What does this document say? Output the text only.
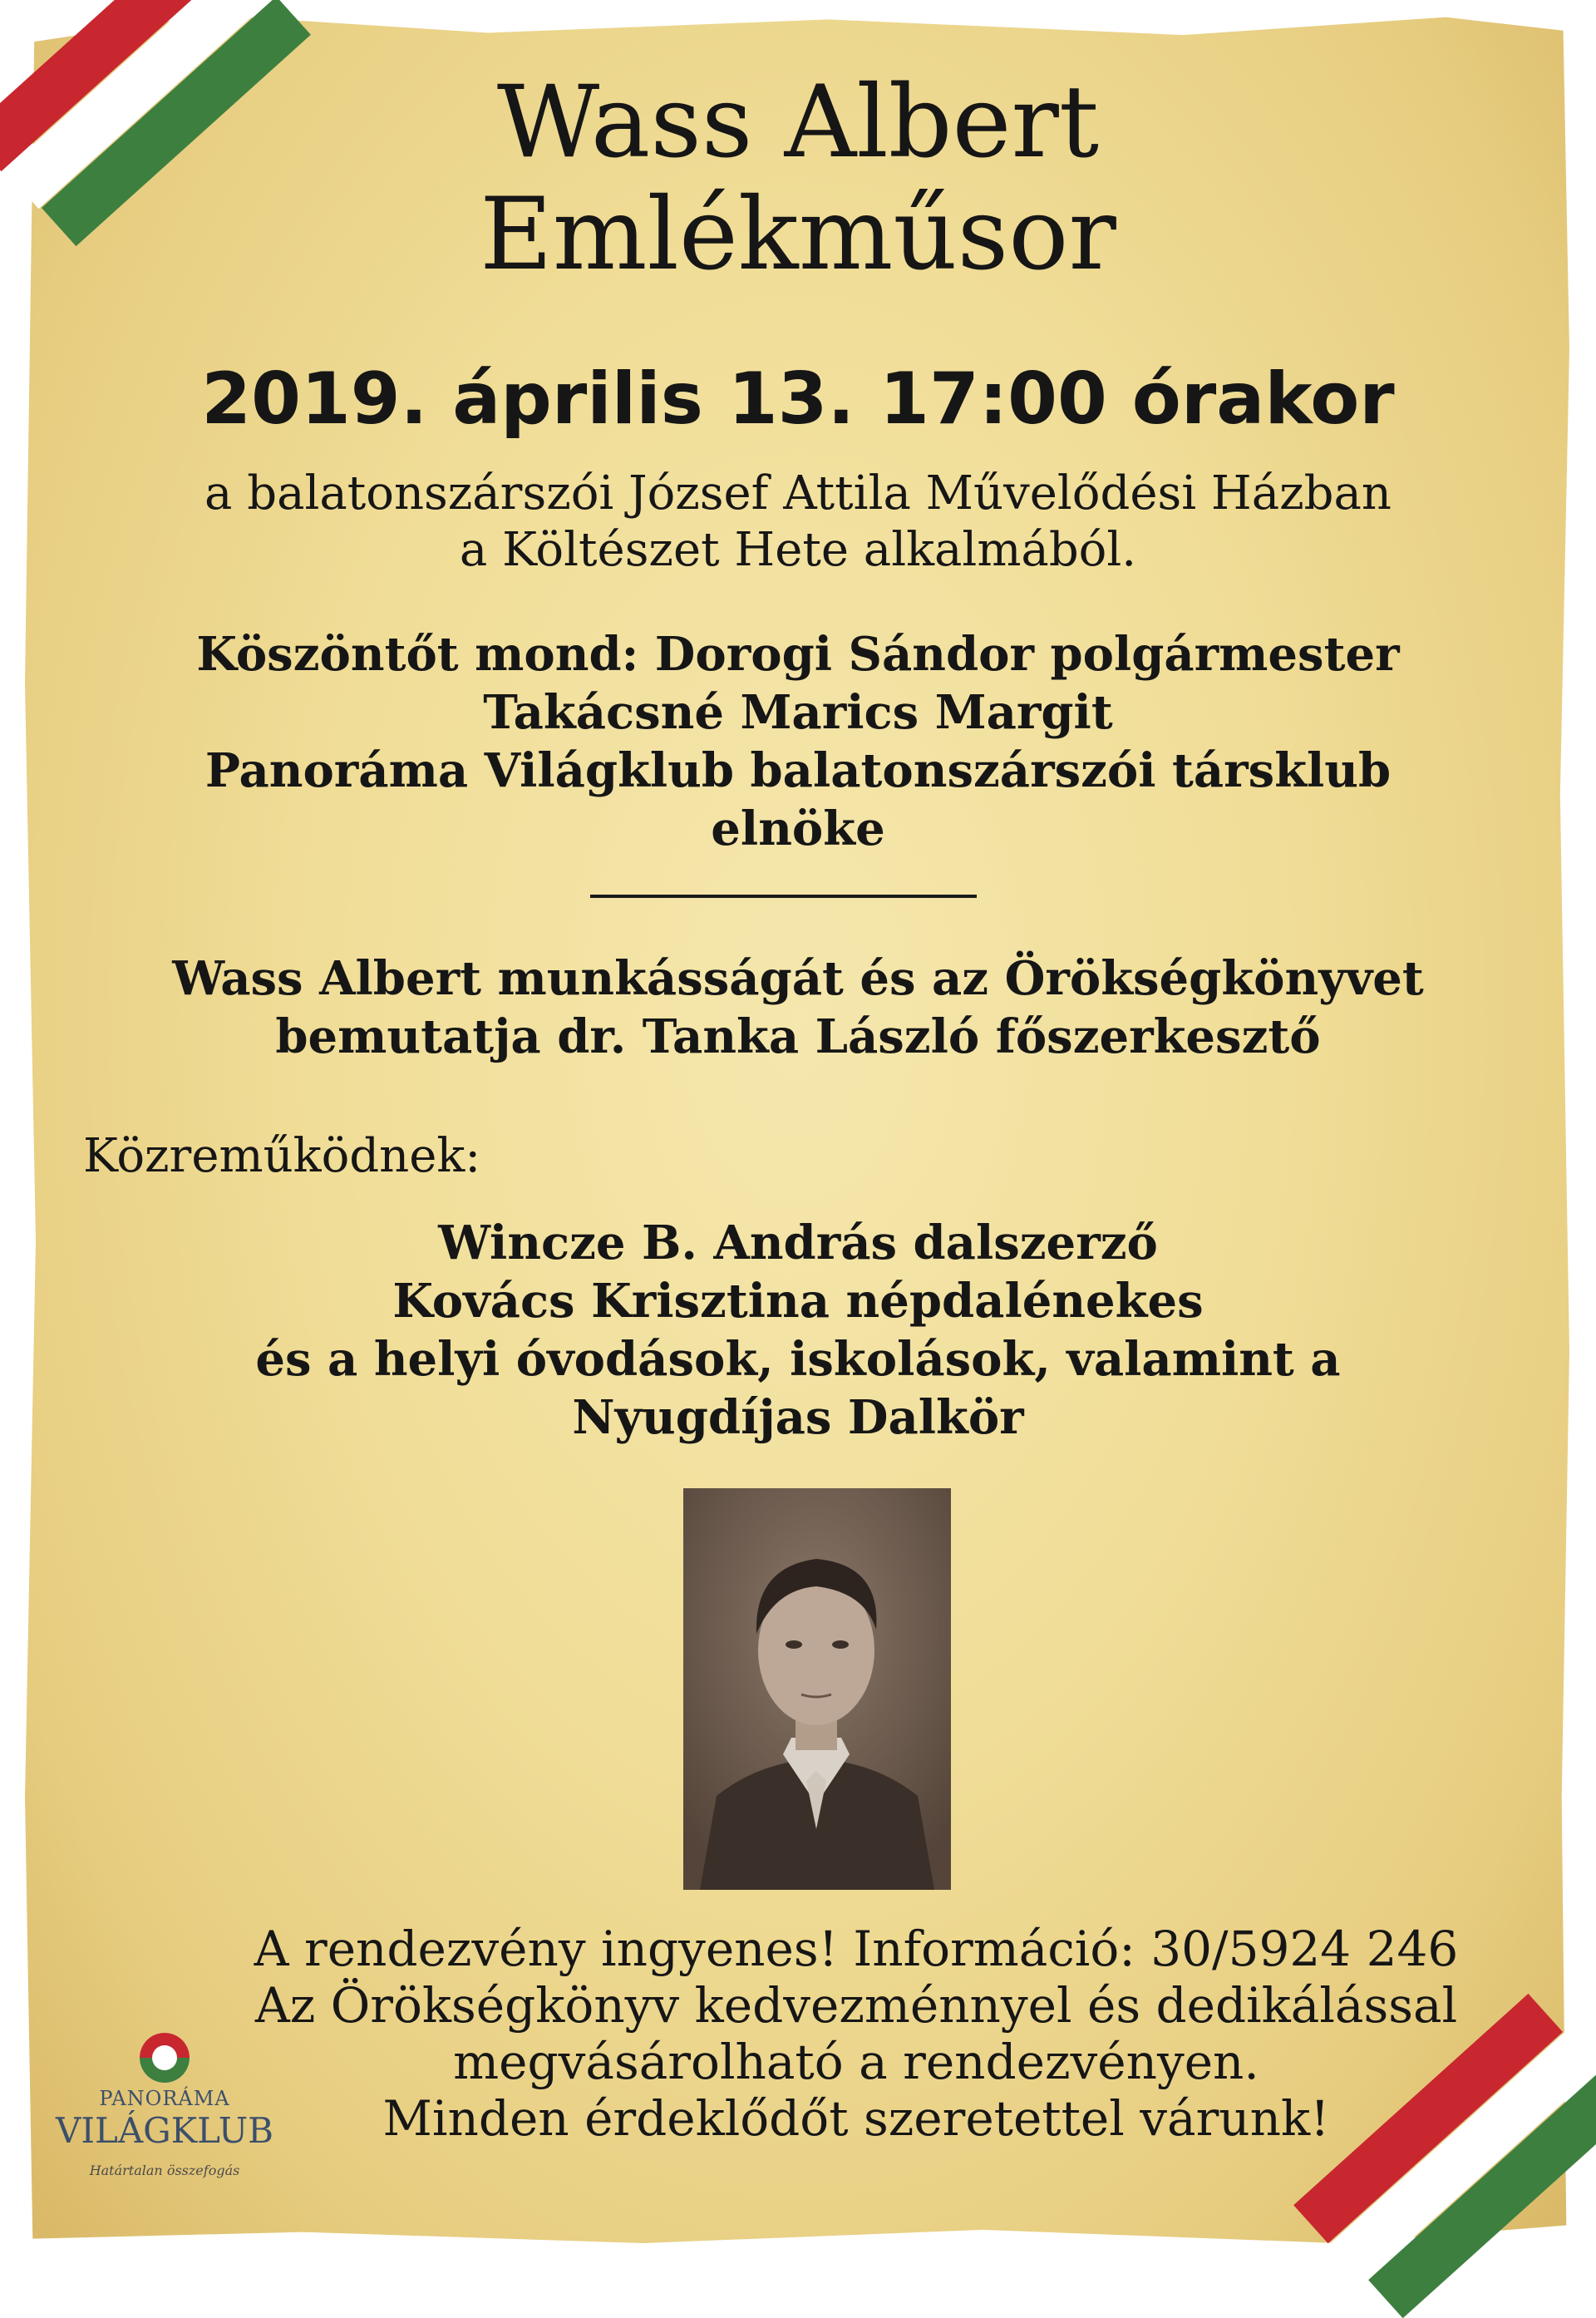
Wass Albert
Emlékműsor
2019. április 13. 17:00 órakor
a balatonszárszói József Attila Művelődési Házban
a Költészet Hete alkalmából.
Köszöntőt mond: Dorogi Sándor polgármester
Takácsné Marics Margit
Panoráma Világklub balatonszárszói társklub
elnöke
Wass Albert munkásságát és az Örökségkönyvet
bemutatja dr. Tanka László főszerkesztő
Közreműködnek:
Wincze B. András dalszerző
Kovács Krisztina népdalénekes
és a helyi óvodások, iskolások, valamint a
Nyugdíjas Dalkör
A rendezvény ingyenes! Információ: 30/5924 246
Az Örökségkönyv kedvezménnyel és dedikálással
megvásárolható a rendezvényen.
Minden érdeklődőt szeretettel várunk!
PANORÁMA
VILÁGKLUB
Határtalan összefogás
